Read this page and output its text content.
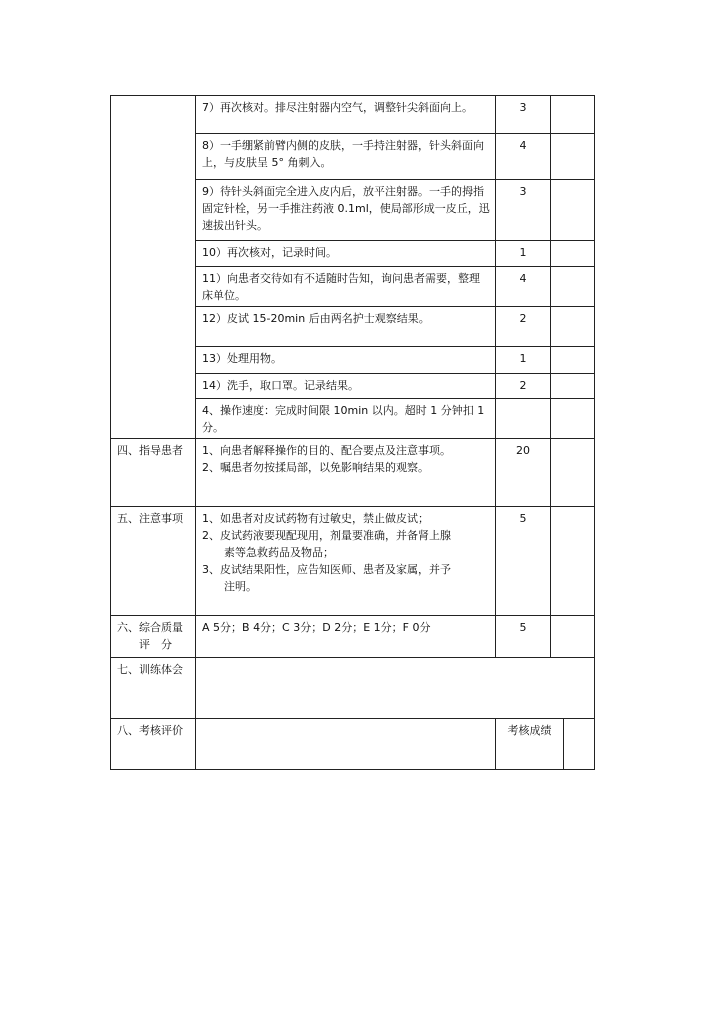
	7）再次核对。排尽注射器内空气，调整针尖斜面向上。	3	
	8）一手绷紧前臂内侧的皮肤，一手持注射器，针头斜面向上，与皮肤呈 5° 角刺入。	4	
	9）待针头斜面完全进入皮内后，放平注射器。一手的拇指固定针栓，另一手推注药液 0.1ml，使局部形成一皮丘，迅速拔出针头。	3	
	10）再次核对，记录时间。	1	
	11）向患者交待如有不适随时告知，询问患者需要，整理床单位。	4	
	12）皮试 15-20min 后由两名护士观察结果。	2	
	13）处理用物。	1	
	14）洗手，取口罩。记录结果。	2	
	4、操作速度：完成时间限 10min 以内。超时 1 分钟扣 1 分。		
四、指导患者	1、向患者解释操作的目的、配合要点及注意事项。
2、嘱患者勿按揉局部，以免影响结果的观察。	20	
五、注意事项	1、如患者对皮试药物有过敏史，禁止做皮试；
2、皮试药液要现配现用，剂量要准确，并备肾上腺
素等急救药品及物品；
3、皮试结果阳性，应告知医师、患者及家属，并予
注明。	5	

六、综合质量
评　分	A 5分；B 4分；C 3分；D 2分；E 1分；F 0分	5	
七、训练体会			
八、考核评价		考核成绩	
